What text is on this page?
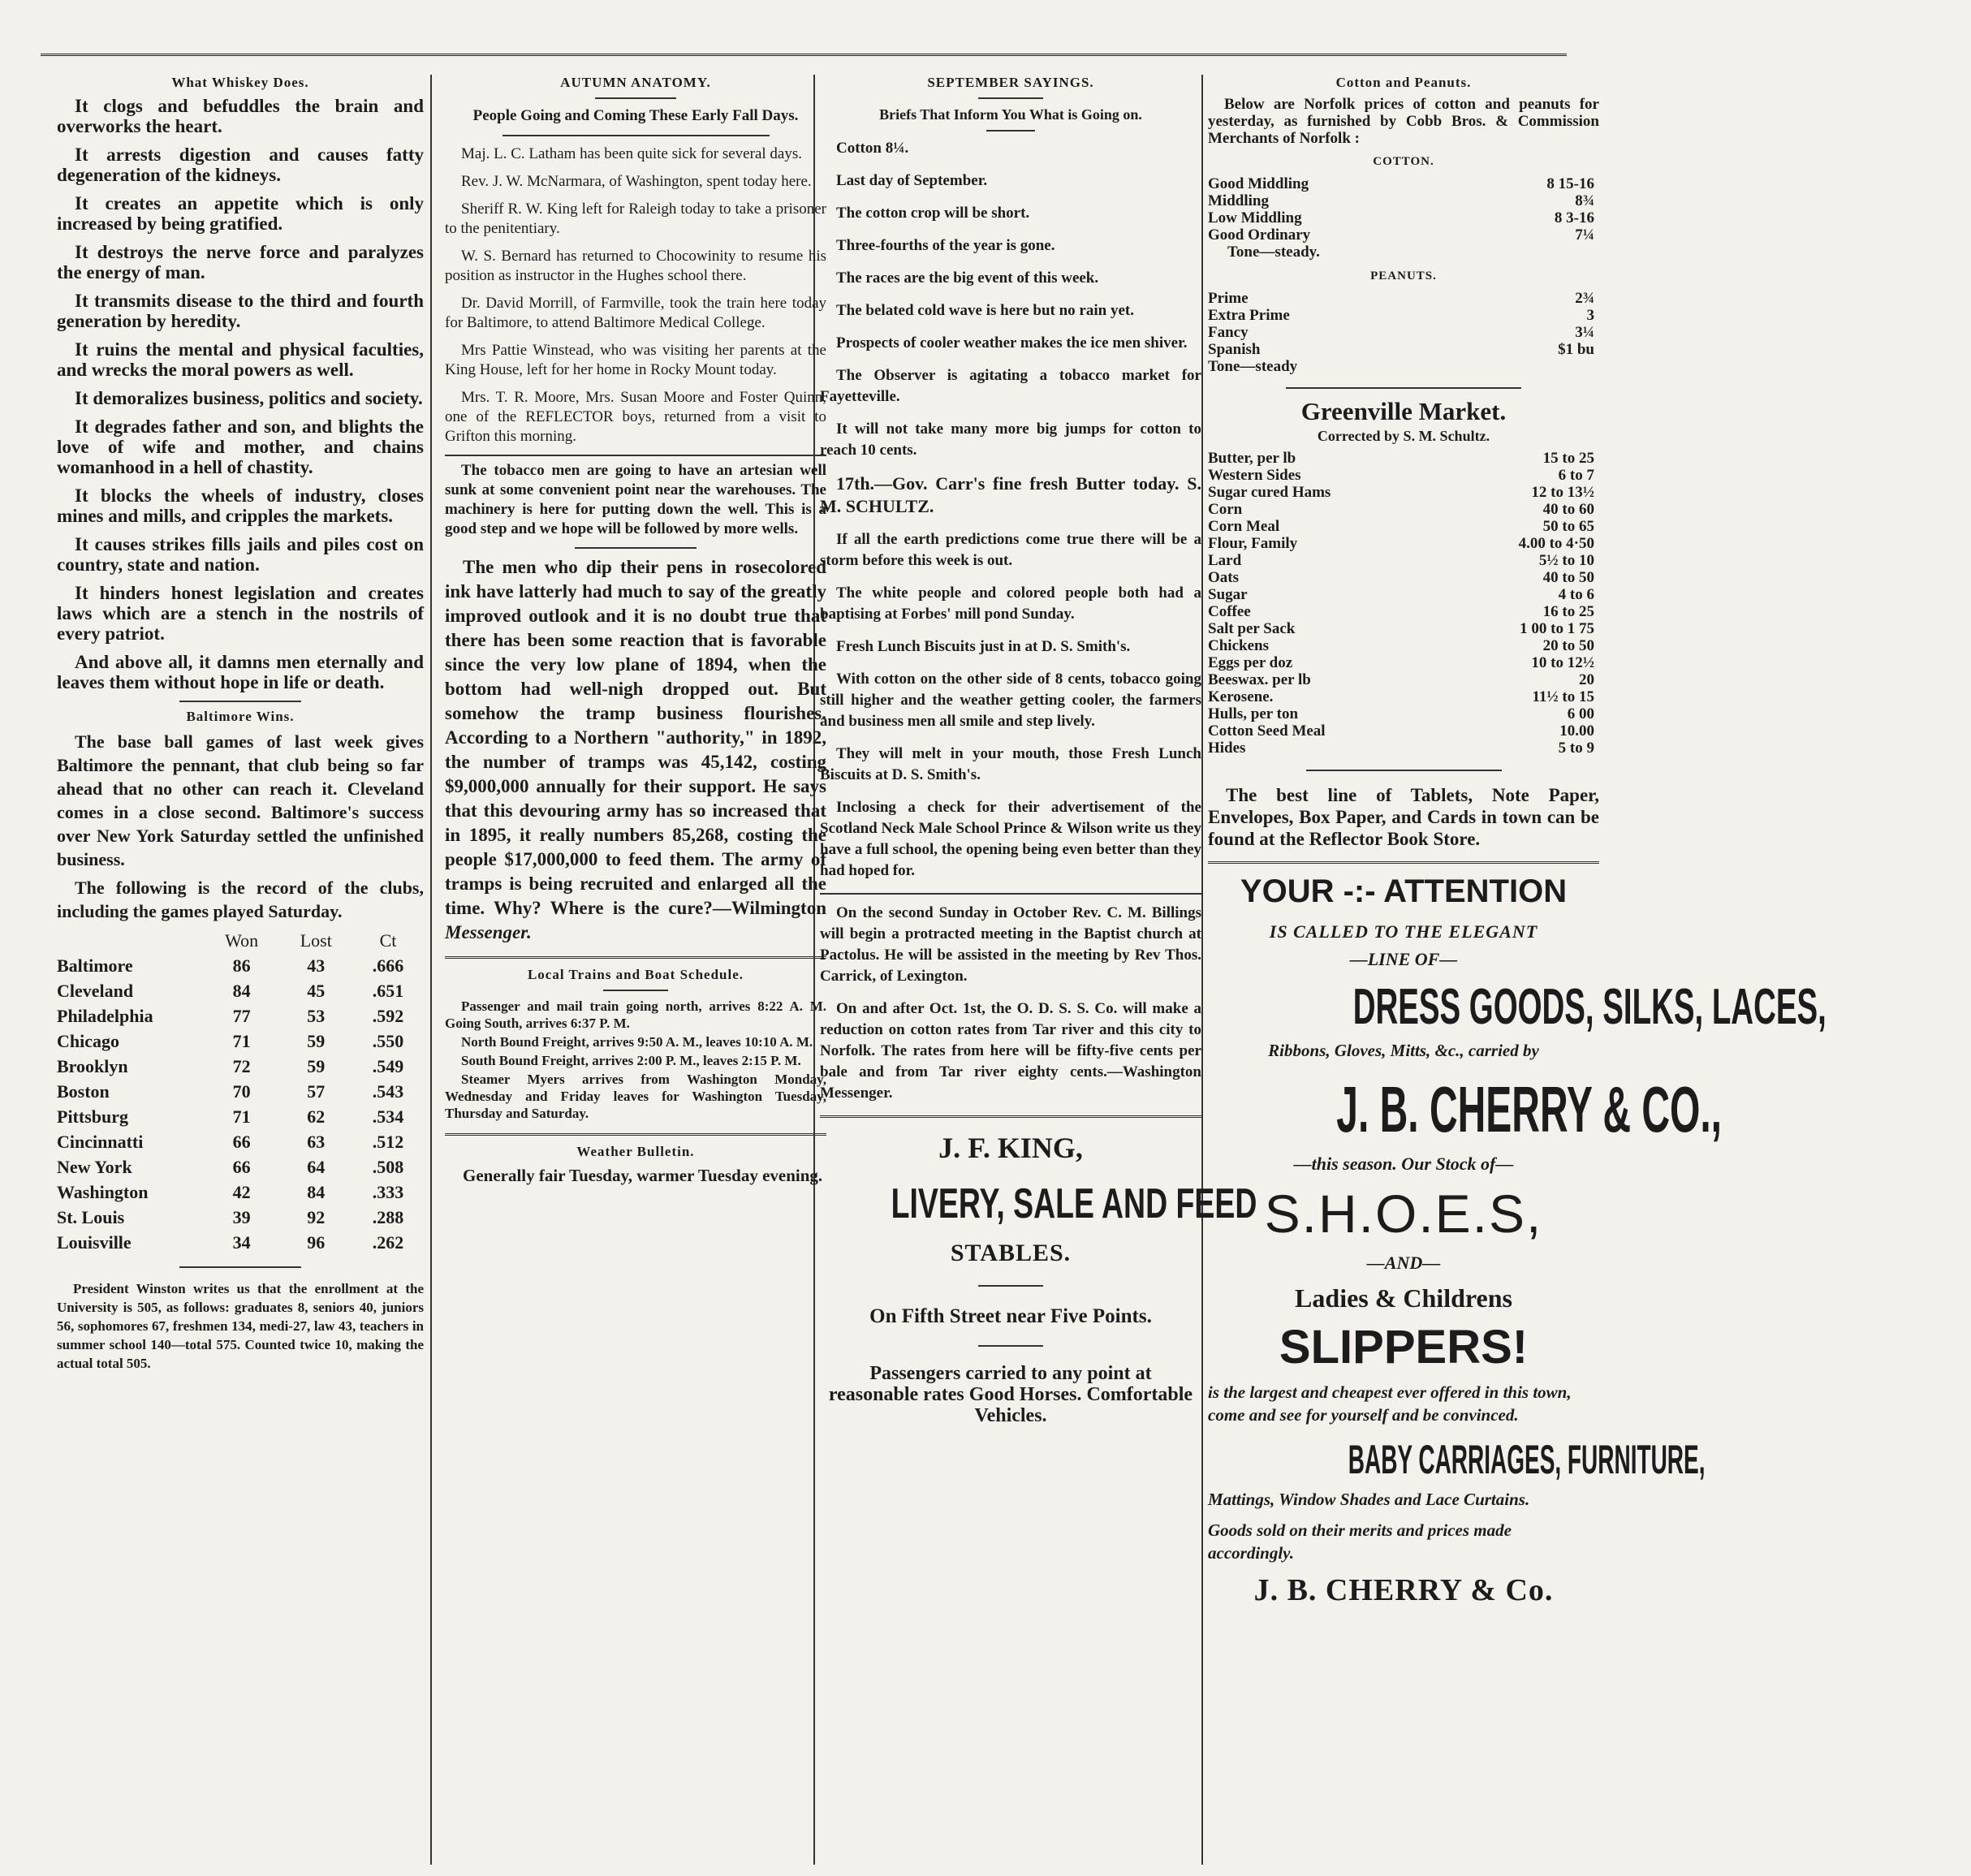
What Whiskey Does.

It clogs and befuddles the brain and overworks the heart.

It arrests digestion and causes fatty degeneration of the kidneys.

It creates an appetite which is only increased by being gratified.

It destroys the nerve force and paralyzes the energy of man.

It transmits disease to the third and fourth generation by heredity.

It ruins the mental and physical faculties, and wrecks the moral powers as well.

It demoralizes business, politics and society.

It degrades father and son, and blights the love of wife and mother, and chains womanhood in a hell of chastity.

It blocks the wheels of industry, closes mines and mills, and cripples the markets.

It causes strikes fills jails and piles cost on country, state and nation.

It hinders honest legislation and creates laws which are a stench in the nostrils of every patriot.

And above all, it damns men eternally and leaves them without hope in life or death.

Baltimore Wins.
The base ball games of last week gives Baltimore the pennant, that club being so far ahead that no other can reach it. Cleveland comes in a close second. Baltimore's success over New York Saturday settled the unfinished business.
The following is the record of the clubs, including the games played Saturday.
	Won	Lost	Ct
Baltimore	86	43	.666
Cleveland	84	45	.651
Philadelphia	77	53	.592
Chicago	71	59	.550
Brooklyn	72	59	.549
Boston	70	57	.543
Pittsburg	71	62	.534
Cincinnatti	66	63	.512
New York	66	64	.508
Washington	42	84	.333
St. Louis	39	92	.288
Louisville	34	96	.262
President Winston writes us that the enrollment at the University is 505, as follows: graduates 8, seniors 40, juniors 56, sophomores 67, freshmen 134, medi-27, law 43, teachers in summer school 140—total 575. Counted twice 10, making the actual total 505.
AUTUMN ANATOMY.
People Going and Coming These Early Fall Days.
Maj. L. C. Latham has been quite sick for several days.
Rev. J. W. McNarmara, of Washington, spent today here.
Sheriff R. W. King left for Raleigh today to take a prisoner to the penitentiary.
W. S. Bernard has returned to Chocowinity to resume his position as instructor in the Hughes school there.
Dr. David Morrill, of Farmville, took the train here today for Baltimore, to attend Baltimore Medical College.
Mrs Pattie Winstead, who was visiting her parents at the King House, left for her home in Rocky Mount today.
Mrs. T. R. Moore, Mrs. Susan Moore and Foster Quinn, one of the REFLECTOR boys, returned from a visit to Grifton this morning.
The tobacco men are going to have an artesian well sunk at some convenient point near the warehouses. The machinery is here for putting down the well. This is a good step and we hope will be followed by more wells.
The men who dip their pens in rosecolored ink have latterly had much to say of the greatly improved outlook and it is no doubt true that there has been some reaction that is favorable since the very low plane of 1894, when the bottom had well-nigh dropped out. But somehow the tramp business flourishes. According to a Northern "authority," in 1892, the number of tramps was 45,142, costing $9,000,000 annually for their support. He says that this devouring army has so increased that in 1895, it really numbers 85,268, costing the people $17,000,000 to feed them. The army of tramps is being recruited and enlarged all the time. Why? Where is the cure?—Wilmington Messenger.
Local Trains and Boat Schedule.
Passenger and mail train going north, arrives 8:22 A. M. Going South, arrives 6:37 P. M.
North Bound Freight, arrives 9:50 A. M., leaves 10:10 A. M.
South Bound Freight, arrives 2:00 P. M., leaves 2:15 P. M.
Steamer Myers arrives from Washington Monday, Wednesday and Friday leaves for Washington Tuesday, Thursday and Saturday.
Weather Bulletin.
Generally fair Tuesday, warmer Tuesday evening.
SEPTEMBER SAYINGS.
Briefs That Inform You What is Going on.

Cotton 8¼.

Last day of September.

The cotton crop will be short.

Three-fourths of the year is gone.

The races are the big event of this week.

The belated cold wave is here but no rain yet.

Prospects of cooler weather makes the ice men shiver.

The Observer is agitating a tobacco market for Fayetteville.

It will not take many more big jumps for cotton to reach 10 cents.

17th.—Gov. Carr's fine fresh Butter today. S. M. SCHULTZ.

If all the earth predictions come true there will be a storm before this week is out.

The white people and colored people both had a baptising at Forbes' mill pond Sunday.

Fresh Lunch Biscuits just in at D. S. Smith's.

With cotton on the other side of 8 cents, tobacco going still higher and the weather getting cooler, the farmers and business men all smile and step lively.

They will melt in your mouth, those Fresh Lunch Biscuits at D. S. Smith's.

Inclosing a check for their advertisement of the Scotland Neck Male School Prince & Wilson write us they have a full school, the opening being even better than they had hoped for.

On the second Sunday in October Rev. C. M. Billings will begin a protracted meeting in the Baptist church at Pactolus. He will be assisted in the meeting by Rev Thos. Carrick, of Lexington.

On and after Oct. 1st, the O. D. S. S. Co. will make a reduction on cotton rates from Tar river and this city to Norfolk. The rates from here will be fifty-five cents per bale and from Tar river eighty cents.—Washington Messenger.

J. F. KING,
LIVERY, SALE AND FEED
STABLES.
On Fifth Street near Five Points.
Passengers carried to any point at reasonable rates Good Horses. Comfortable Vehicles.
Cotton and Peanuts.
Below are Norfolk prices of cotton and peanuts for yesterday, as furnished by Cobb Bros. & Commission Merchants of Norfolk :
COTTON.
Good Middling	8 15-16
Middling	8¾
Low Middling	8 3-16
Good Ordinary	7¼
Tone—steady.
PEANUTS.
Prime	2¾
Extra Prime	3
Fancy	3¼
Spanish	$1 bu
Tone—steady
Greenville Market.
Corrected by S. M. Schultz.
Butter, per lb	15 to 25
Western Sides	6 to 7
Sugar cured Hams	12 to 13½
Corn	40 to 60
Corn Meal	50 to 65
Flour, Family	4.00 to 4·50
Lard	5½ to 10
Oats	40 to 50
Sugar	4 to 6
Coffee	16 to 25
Salt per Sack	1 00 to 1 75
Chickens	20 to 50
Eggs per doz	10 to 12½
Beeswax. per lb	20
Kerosene.	11½ to 15
Hulls, per ton	6 00
Cotton Seed Meal	10.00
Hides	5 to 9
The best line of Tablets, Note Paper, Envelopes, Box Paper, and Cards in town can be found at the Reflector Book Store.
YOUR -:- ATTENTION
IS CALLED TO THE ELEGANT
—LINE OF—
DRESS GOODS, SILKS, LACES,
Ribbons, Gloves, Mitts, &c., carried by
J. B. CHERRY & CO.,
—this season. Our Stock of—
S.H.O.E.S,
—AND—
Ladies & Childrens
SLIPPERS!
is the largest and cheapest ever offered in this town, come and see for yourself and be convinced.
BABY CARRIAGES, FURNITURE,
Mattings, Window Shades and Lace Curtains.
Goods sold on their merits and prices made accordingly.
J. B. CHERRY & Co.
